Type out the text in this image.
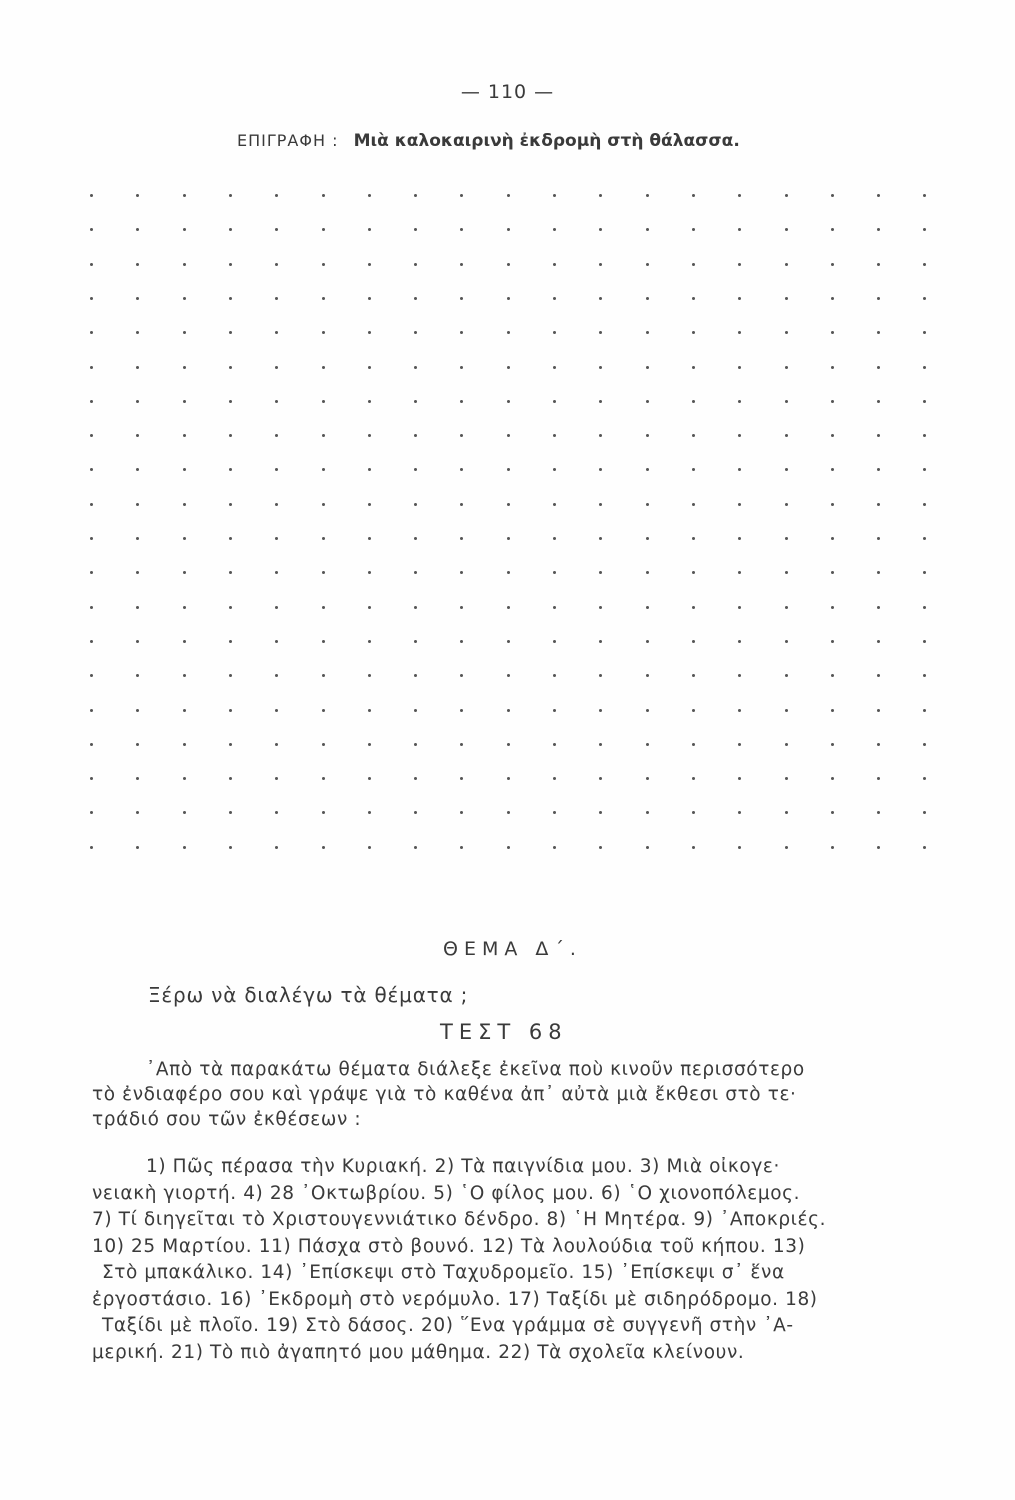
— 110 —
ΕΠΙΓΡΑΦΗ : Μιὰ καλοκαιρινὴ ἐκδρομὴ στὴ θάλασσα.
ΘΕΜΑ Δ΄.
Ξέρω νὰ διαλέγω τὰ θέματα ;
ΤΕΣΤ 68
᾿Απὸ τὰ παρακάτω θέματα διάλεξε ἐκεῖνα ποὺ κινοῦν περισσότερο
τὸ ἐνδιαφέρο σου καὶ γράψε γιὰ τὸ καθένα ἀπ᾿ αὐτὰ μιὰ ἔκθεσι στὸ τε·
τράδιό σου τῶν ἐκθέσεων :
1) Πῶς πέρασα τὴν Κυριακή. 2) Τὰ παιγνίδια μου. 3) Μιὰ οἰκογε·
νειακὴ γιορτή. 4) 28 ᾿Οκτωβρίου. 5) ῾Ο φίλος μου. 6) ῾Ο χιονοπόλεμος.
7) Τί διηγεῖται τὸ Χριστουγεννιάτικο δένδρο. 8) ῾Η Μητέρα. 9) ᾿Αποκριές.
10) 25 Μαρτίου. 11) Πάσχα στὸ βουνό. 12) Τὰ λουλούδια τοῦ κήπου. 13)
Στὸ μπακάλικο. 14) ᾿Επίσκεψι στὸ Ταχυδρομεῖο. 15) ᾿Επίσκεψι σ᾿ ἕνα
ἐργοστάσιο. 16) ᾿Εκδρομὴ στὸ νερόμυλο. 17) Ταξίδι μὲ σιδηρόδρομο. 18)
Ταξίδι μὲ πλοῖο. 19) Στὸ δάσος. 20) ῞Ενα γράμμα σὲ συγγενῆ στὴν ᾿Α-
μερική. 21) Τὸ πιὸ ἀγαπητό μου μάθημα. 22) Τὰ σχολεῖα κλείνουν.
